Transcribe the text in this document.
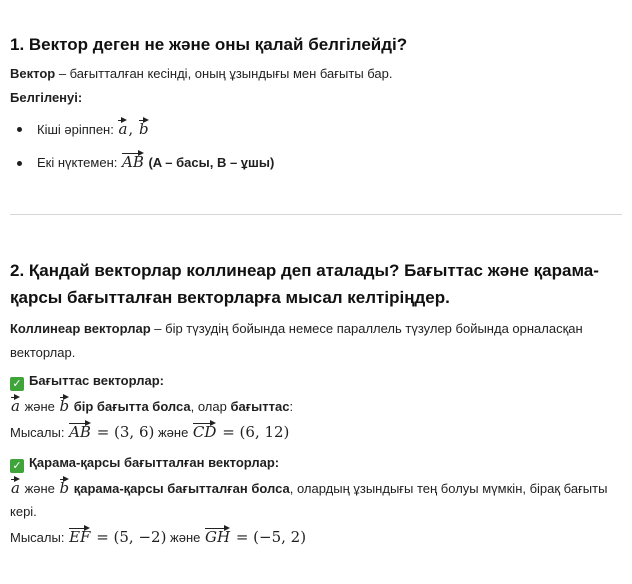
1. Вектор деген не және оны қалай белгілейді?

Вектор – бағытталған кесінді, оның ұзындығы мен бағыты бар.

Белгіленуі:

Кіші әріппен: a, b
Екі нүктемен: AB (A – басы, B – ұшы)
2. Қандай векторлар коллинеар деп аталады? Бағыттас және қарама-қарсы бағытталған векторларға мысал келтіріңдер.

Коллинеар векторлар – бір түзудің бойында немесе параллель түзулер бойында орналасқан векторлар.

✓ Бағыттас векторлар:

a және b бір бағытта болса, олар бағыттас:

Мысалы: AB = (3, 6) және CD = (6, 12)

✓ Қарама-қарсы бағытталған векторлар:

a және b қарама-қарсы бағытталған болса, олардың ұзындығы тең болуы мүмкін, бірақ бағыты кері.

Мысалы: EF = (5, −2) және GH = (−5, 2)
